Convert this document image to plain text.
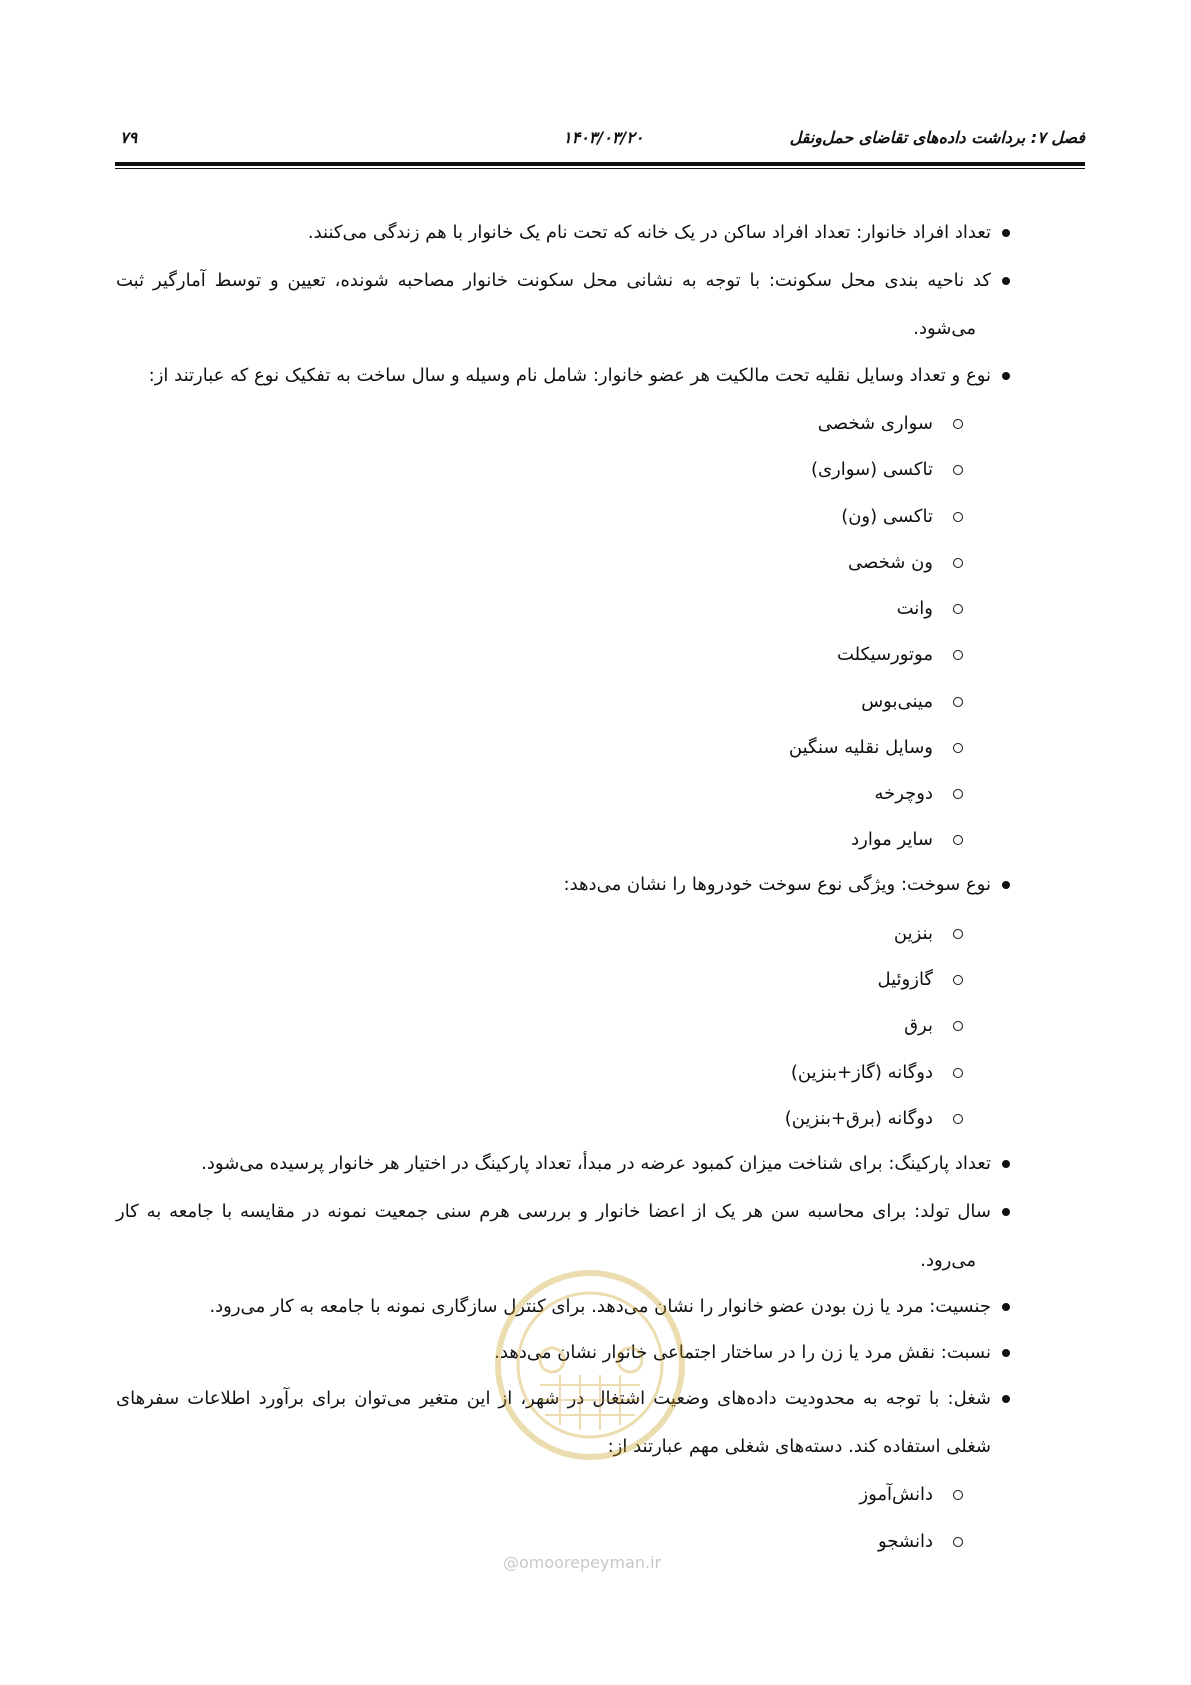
فصل ۷: برداشت داده‌های تقاضای حمل‌ونقل
۱۴۰۳/۰۳/۲۰
۷۹
تعداد افراد خانوار: تعداد افراد ساکن در یک خانه که تحت نام یک خانوار با هم زندگی می‌کنند.
کد ناحیه بندی محل سکونت: با توجه به نشانی محل سکونت خانوار مصاحبه شونده، تعیین و توسط آمارگیر ثبت
می‌شود.
نوع و تعداد وسایل نقلیه تحت مالکیت هر عضو خانوار: شامل نام وسیله و سال ساخت به تفکیک نوع که عبارتند از:
سواری شخصی
تاکسی (سواری)
تاکسی (ون)
ون شخصی
وانت
موتورسیکلت
مینی‌بوس
وسایل نقلیه سنگین
دوچرخه
سایر موارد
نوع سوخت: ویژگی نوع سوخت خودروها را نشان می‌دهد:
بنزین
گازوئیل
برق
دوگانه (گاز+بنزین)
دوگانه (برق+بنزین)
تعداد پارکینگ: برای شناخت میزان کمبود عرضه در مبدأ، تعداد پارکینگ در اختیار هر خانوار پرسیده می‌شود.
سال تولد: برای محاسبه سن هر یک از اعضا خانوار و بررسی هرم سنی جمعیت نمونه در مقایسه با جامعه به کار
می‌رود.
جنسیت: مرد یا زن بودن عضو خانوار را نشان می‌دهد. برای کنترل سازگاری نمونه با جامعه به کار می‌رود.
نسبت: نقش مرد یا زن را در ساختار اجتماعی خانوار نشان می‌دهد.
شغل: با توجه به محدودیت داده‌های وضعیت اشتغال در شهر، از این متغیر می‌توان برای برآورد اطلاعات سفرهای
شغلی استفاده کند. دسته‌های شغلی مهم عبارتند از:
دانش‌آموز
دانشجو
@omoorepeyman.ir
